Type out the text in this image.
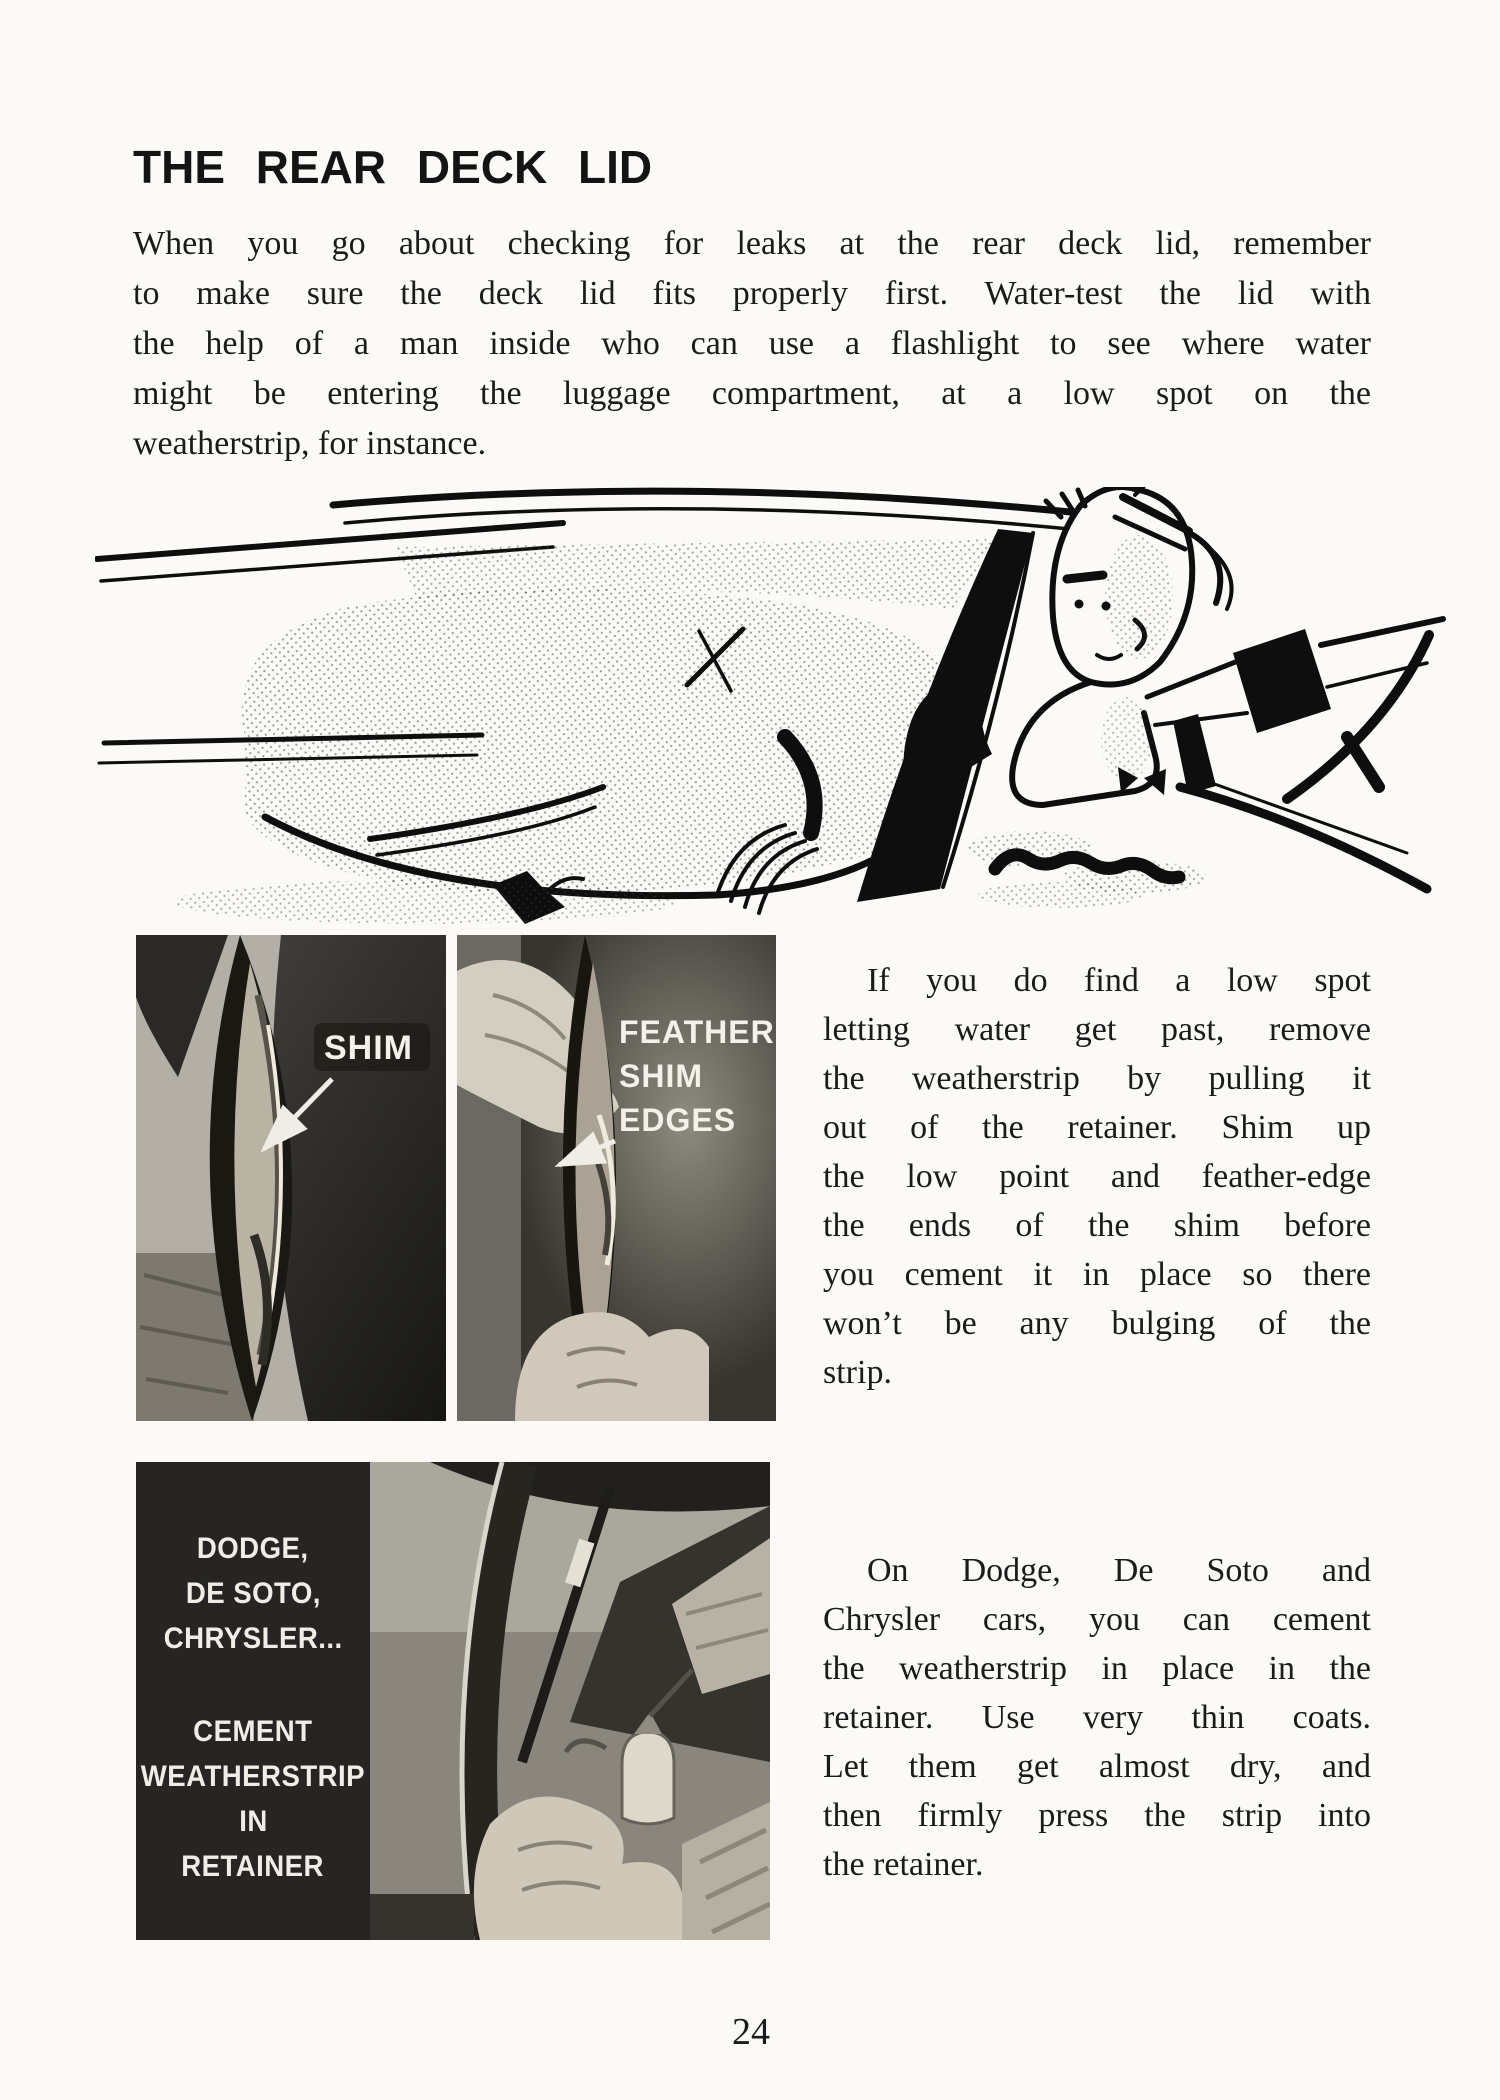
THE REAR DECK LID
When you go about checking for leaks at the rear deck lid, remember
to make sure the deck lid fits properly first. Water-test the lid with
the help of a man inside who can use a flashlight to see where water
might be entering the luggage compartment, at a low spot on the
weatherstrip, for instance.
SHIM	FEATHER
SHIM
EDGES
If you do find a low spot
letting water get past, remove
the weatherstrip by pulling it
out of the retainer. Shim up
the low point and feather-edge
the ends of the shim before
you cement it in place so there
won’t be any bulging of the
strip.
DODGE,
DE SOTO,
CHRYSLER...
CEMENT
WEATHERSTRIP
IN
RETAINER
On Dodge, De Soto and
Chrysler cars, you can cement
the weatherstrip in place in the
retainer. Use very thin coats.
Let them get almost dry, and
then firmly press the strip into
the retainer.
24
